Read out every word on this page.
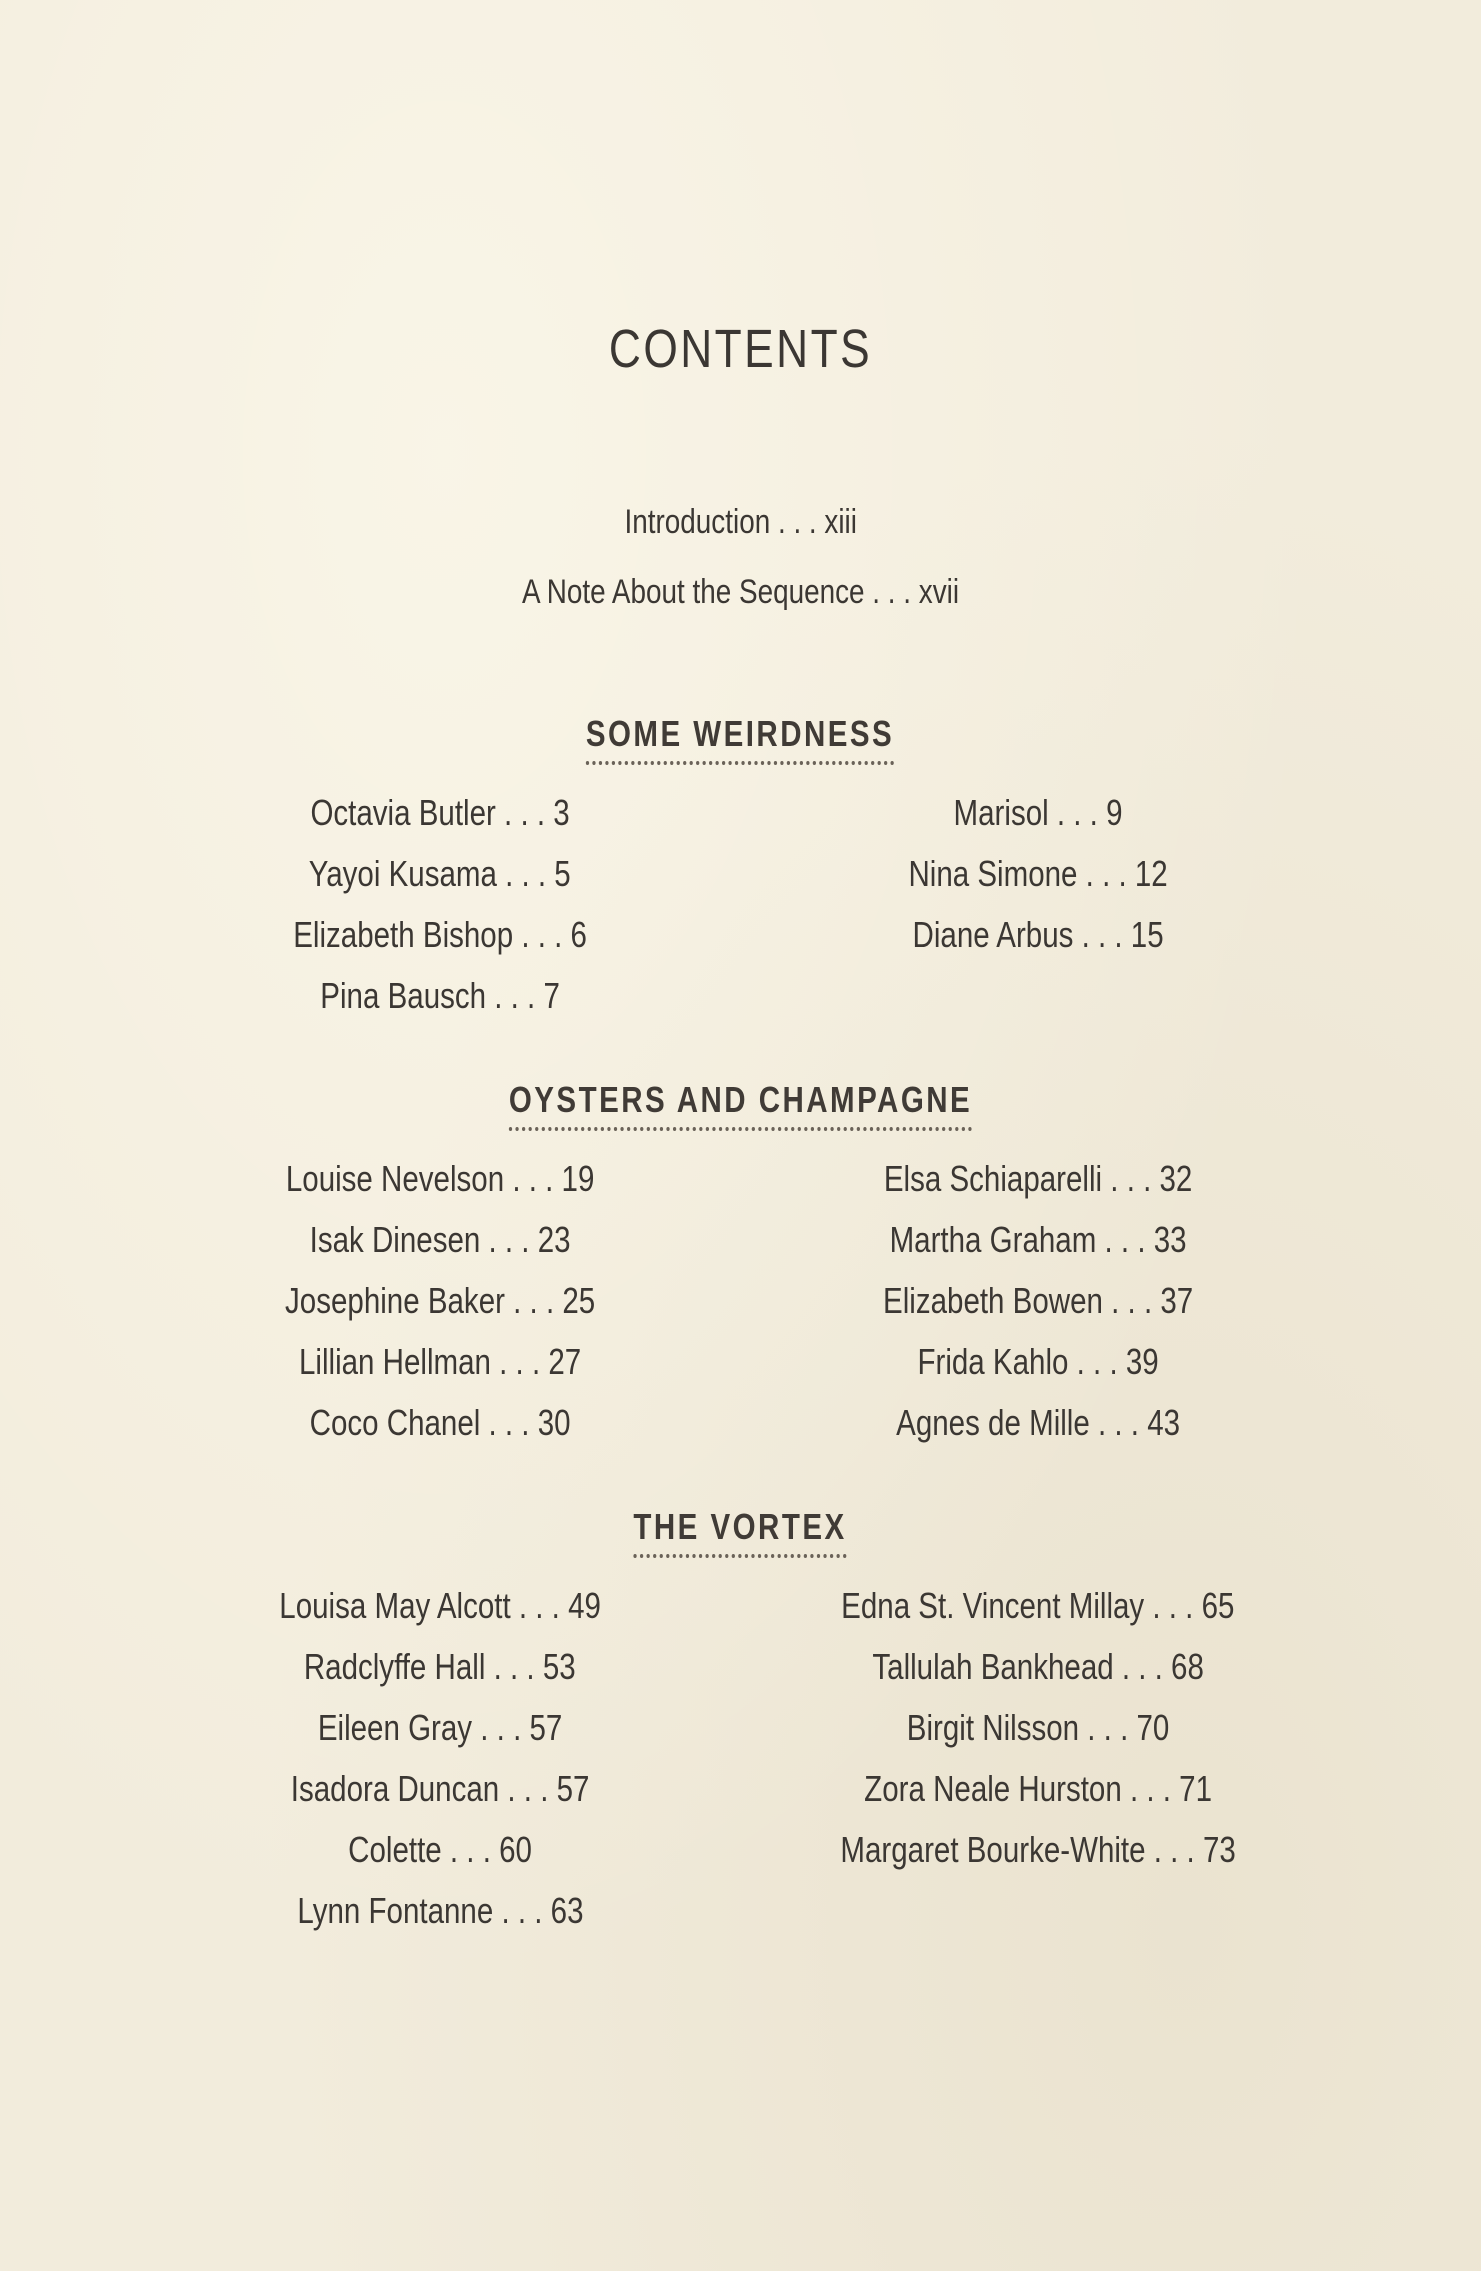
CONTENTS
Introduction . . . xiii
A Note About the Sequence . . . xvii
SOME WEIRDNESS
Octavia Butler . . . 3
Yayoi Kusama . . . 5
Elizabeth Bishop . . . 6
Pina Bausch . . . 7
Marisol . . . 9
Nina Simone . . . 12
Diane Arbus . . . 15
OYSTERS AND CHAMPAGNE
Louise Nevelson . . . 19
Isak Dinesen . . . 23
Josephine Baker . . . 25
Lillian Hellman . . . 27
Coco Chanel . . . 30
Elsa Schiaparelli . . . 32
Martha Graham . . . 33
Elizabeth Bowen . . . 37
Frida Kahlo . . . 39
Agnes de Mille . . . 43
THE VORTEX
Louisa May Alcott . . . 49
Radclyffe Hall . . . 53
Eileen Gray . . . 57
Isadora Duncan . . . 57
Colette . . . 60
Lynn Fontanne . . . 63
Edna St. Vincent Millay . . . 65
Tallulah Bankhead . . . 68
Birgit Nilsson . . . 70
Zora Neale Hurston . . . 71
Margaret Bourke-White . . . 73
